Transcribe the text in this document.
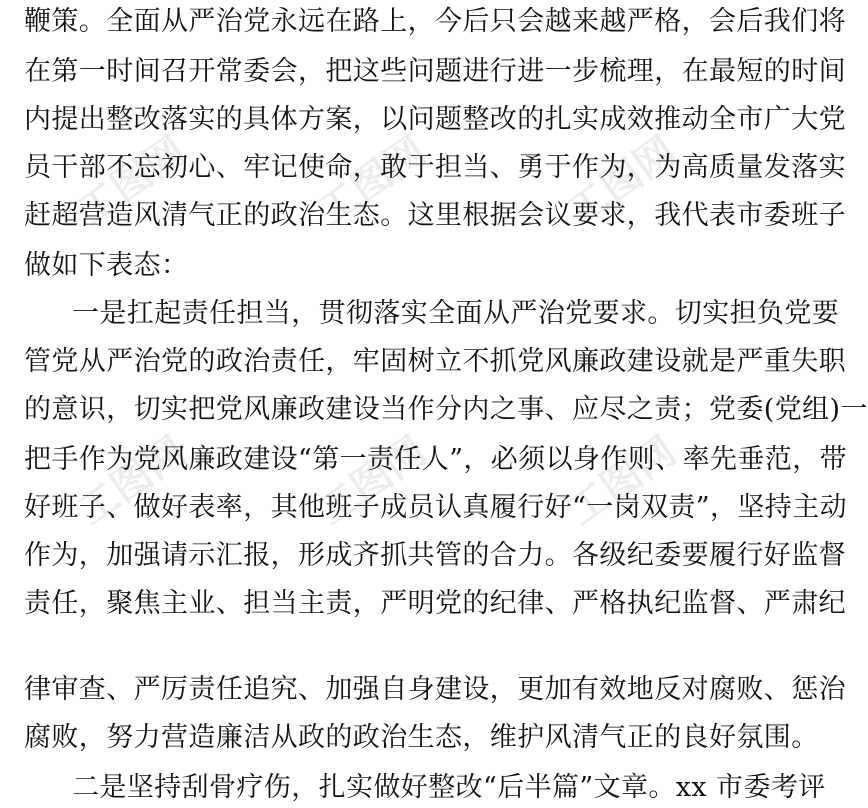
工图网	工图网	工图网
工图网	工图网	工图网
鞭策。全面从严治党永远在路上，今后只会越来越严格，会后我们将
在第一时间召开常委会，把这些问题进行进一步梳理，在最短的时间
内提出整改落实的具体方案，以问题整改的扎实成效推动全市广大党
员干部不忘初心、牢记使命，敢于担当、勇于作为，为高质量发落实
赶超营造风清气正的政治生态。这里根据会议要求，我代表市委班子
做如下表态：
一是扛起责任担当，贯彻落实全面从严治党要求。切实担负党要
管党从严治党的政治责任，牢固树立不抓党风廉政建设就是严重失职
的意识，切实把党风廉政建设当作分内之事、应尽之责；党委(党组)一
把手作为党风廉政建设“第一责任人”，必须以身作则、率先垂范，带
好班子、做好表率，其他班子成员认真履行好“一岗双责”，坚持主动
作为，加强请示汇报，形成齐抓共管的合力。各级纪委要履行好监督
责任，聚焦主业、担当主责，严明党的纪律、严格执纪监督、严肃纪
律审查、严厉责任追究、加强自身建设，更加有效地反对腐败、惩治
腐败，努力营造廉洁从政的政治生态，维护风清气正的良好氛围。
二是坚持刮骨疗伤，扎实做好整改“后半篇”文章。xx 市委考评
